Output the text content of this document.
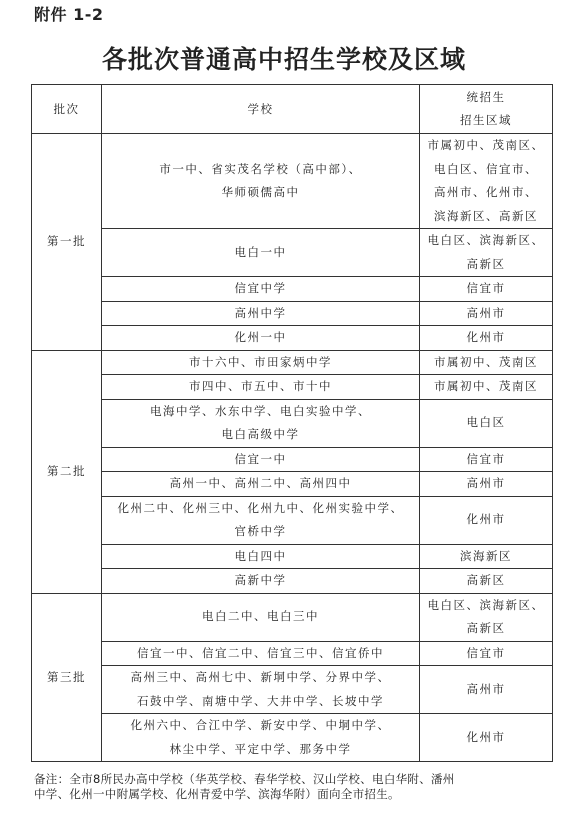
附件 1-2
各批次普通高中招生学校及区域
批次	学校	统招生
招生区域

第一批	市一中、省实茂名学校（高中部）、
华师硕儒高中	市属初中、茂南区、
电白区、信宜市、
高州市、化州市、
滨海新区、高新区

	电白一中	电白区、滨海新区、
高新区

	信宜中学	信宜市

	高州中学	高州市

	化州一中	化州市

第二批	市十六中、市田家炳中学	市属初中、茂南区

	市四中、市五中、市十中	市属初中、茂南区

	电海中学、水东中学、电白实验中学、
电白高级中学	电白区

	信宜一中	信宜市

	高州一中、高州二中、高州四中	高州市

	化州二中、化州三中、化州九中、化州实验中学、
官桥中学	化州市

	电白四中	滨海新区

	高新中学	高新区

第三批	电白二中、电白三中	电白区、滨海新区、
高新区

	信宜一中、信宜二中、信宜三中、信宜侨中	信宜市

	高州三中、高州七中、新垌中学、分界中学、
石鼓中学、南塘中学、大井中学、长坡中学	高州市

	化州六中、合江中学、新安中学、中垌中学、
林尘中学、平定中学、那务中学	化州市
备注：全市8所民办高中学校（华英学校、春华学校、汉山学校、电白华附、潘州
中学、化州一中附属学校、化州青爱中学、滨海华附）面向全市招生。
